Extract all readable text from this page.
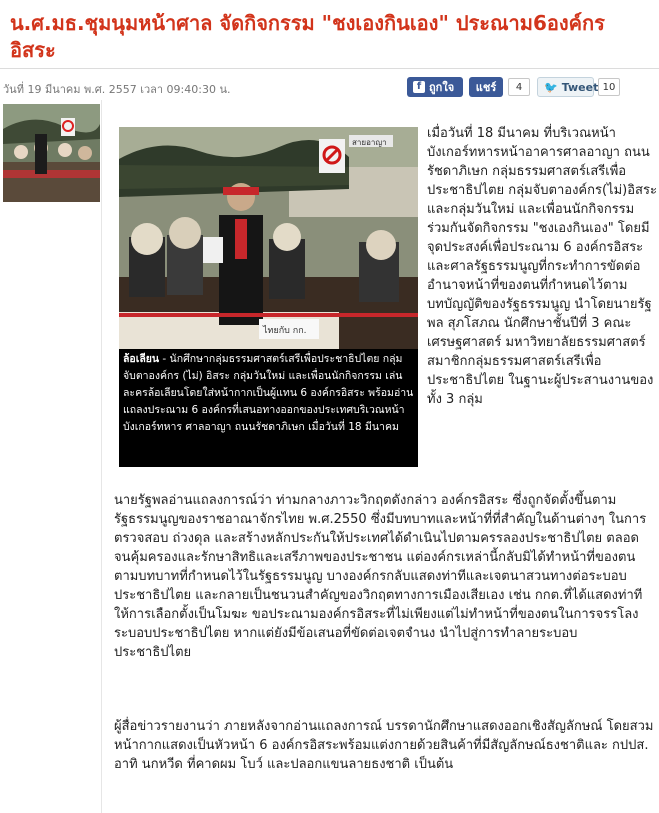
น.ศ.มธ.ชุมนุมหน้าศาล จัดกิจกรรม "ชงเองกินเอง" ประณาม6องค์กรอิสระ
วันที่ 19 มีนาคม พ.ศ. 2557 เวลา 09:40:30 น.	f ถูกใจ	แชร์	4	🐦 Tweet 10
สายอาญา
ไทยกับ กก.
ล้อเลียน - นักศึกษากลุ่มธรรมศาสตร์เสรีเพื่อประชาธิปไตย กลุ่มจับตาองค์กร (ไม่) อิสระ กลุ่มวันใหม่ และเพื่อนนักกิจกรรม เล่นละครล้อเลียนโดยใส่หน้ากากเป็นผู้แทน 6 องค์กรอิสระ พร้อมอ่านแถลงประณาม 6 องค์กรที่เสนอทางออกของประเทศบริเวณหน้าบังเกอร์ทหาร ศาลอาญา ถนนรัชดาภิเษก เมื่อวันที่ 18 มีนาคม
เมื่อวันที่ 18 มีนาคม ที่บริเวณหน้าบังเกอร์ทหารหน้าอาคารศาลอาญา ถนนรัชดาภิเษก กลุ่มธรรมศาสตร์เสรีเพื่อประชาธิปไตย กลุ่มจับตาองค์กร(ไม่)อิสระ และกลุ่มวันใหม่ และเพื่อนนักกิจกรรม ร่วมกันจัดกิจกรรม "ชงเองกินเอง" โดยมีจุดประสงค์เพื่อประณาม 6 องค์กรอิสระและศาลรัฐธรรมนูญที่กระทำการขัดต่ออำนาจหน้าที่ของตนที่กำหนดไว้ตามบทบัญญัติของรัฐธรรมนูญ นำโดยนายรัฐพล สุภโสภณ นักศึกษาชั้นปีที่ 3 คณะเศรษฐศาสตร์ มหาวิทยาลัยธรรมศาสตร์ สมาชิกกลุ่มธรรมศาสตร์เสรีเพื่อประชาธิปไตย ในฐานะผู้ประสานงานของทั้ง 3 กลุ่ม
นายรัฐพลอ่านแถลงการณ์ว่า ท่ามกลางภาวะวิกฤตดังกล่าว องค์กรอิสระ ซึ่งถูกจัดตั้งขึ้นตามรัฐธรรมนูญของราชอาณาจักรไทย พ.ศ.2550 ซึ่งมีบทบาทและหน้าที่ที่สำคัญในด้านต่างๆ ในการตรวจสอบ ถ่วงดุล และสร้างหลักประกันให้ประเทศได้ดำเนินไปตามครรลองประชาธิปไตย ตลอดจนคุ้มครองและรักษาสิทธิและเสรีภาพของประชาชน แต่องค์กรเหล่านี้กลับมิได้ทำหน้าที่ของตนตามบทบาทที่กำหนดไว้ในรัฐธรรมนูญ บางองค์กรกลับแสดงท่าทีและเจตนาสวนทางต่อระบอบประชาธิปไตย และกลายเป็นชนวนสำคัญของวิกฤตทางการเมืองเสียเอง เช่น กกต.ที่ได้แสดงท่าทีให้การเลือกตั้งเป็นโมฆะ ขอประณามองค์กรอิสระที่ไม่เพียงแต่ไม่ทำหน้าที่ของตนในการจรรโลงระบอบประชาธิปไตย หากแต่ยังมีข้อเสนอที่ขัดต่อเจตจำนง นำไปสู่การทำลายระบอบประชาธิปไตย
ผู้สื่อข่าวรายงานว่า ภายหลังจากอ่านแถลงการณ์ บรรดานักศึกษาแสดงออกเชิงสัญลักษณ์ โดยสวมหน้ากากแสดงเป็นหัวหน้า 6 องค์กรอิสระพร้อมแต่งกายด้วยสินค้าที่มีสัญลักษณ์ธงชาติและ กปปส. อาทิ นกหวีด ที่คาดผม โบว์ และปลอกแขนลายธงชาติ เป็นต้น
